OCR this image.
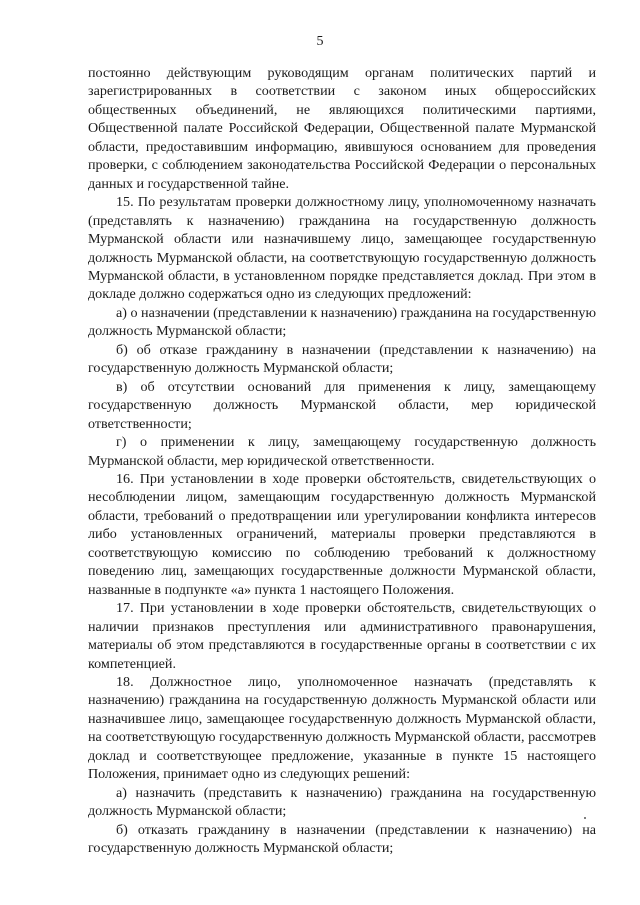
5

постоянно действующим руководящим органам политических партий и зарегистрированных в соответствии с законом иных общероссийских общественных объединений, не являющихся политическими партиями, Общественной палате Российской Федерации, Общественной палате Мурманской области, предоставившим информацию, явившуюся основанием для проведения проверки, с соблюдением законодательства Российской Федерации о персональных данных и государственной тайне.

15. По результатам проверки должностному лицу, уполномоченному назначать (представлять к назначению) гражданина на государственную должность Мурманской области или назначившему лицо, замещающее государственную должность Мурманской области, на соответствующую государственную должность Мурманской области, в установленном порядке представляется доклад. При этом в докладе должно содержаться одно из следующих предложений:

а) о назначении (представлении к назначению) гражданина на государственную должность Мурманской области;

б) об отказе гражданину в назначении (представлении к назначению) на государственную должность Мурманской области;

в) об отсутствии оснований для применения к лицу, замещающему государственную должность Мурманской области, мер юридической ответственности;

г) о применении к лицу, замещающему государственную должность Мурманской области, мер юридической ответственности.

16. При установлении в ходе проверки обстоятельств, свидетельствующих о несоблюдении лицом, замещающим государственную должность Мурманской области, требований о предотвращении или урегулировании конфликта интересов либо установленных ограничений, материалы проверки представляются в соответствующую комиссию по соблюдению требований к должностному поведению лиц, замещающих государственные должности Мурманской области, названные в подпункте «а» пункта 1 настоящего Положения.

17. При установлении в ходе проверки обстоятельств, свидетельствующих о наличии признаков преступления или административного правонарушения, материалы об этом представляются в государственные органы в соответствии с их компетенцией.

18. Должностное лицо, уполномоченное назначать (представлять к назначению) гражданина на государственную должность Мурманской области или назначившее лицо, замещающее государственную должность Мурманской области, на соответствующую государственную должность Мурманской области, рассмотрев доклад и соответствующее предложение, указанные в пункте 15 настоящего Положения, принимает одно из следующих решений:

а) назначить (представить к назначению) гражданина на государственную должность Мурманской области;

б) отказать гражданину в назначении (представлении к назначению) на государственную должность Мурманской области;
